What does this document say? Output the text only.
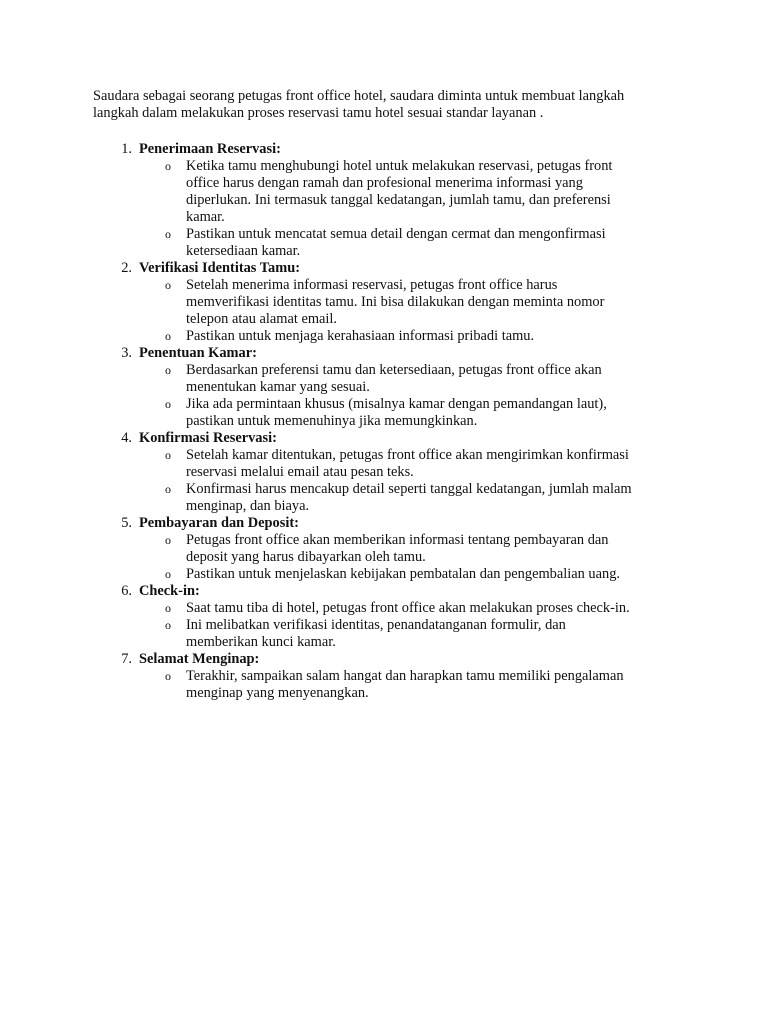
Saudara sebagai seorang petugas front office hotel, saudara diminta untuk membuat langkah
langkah dalam melakukan proses reservasi tamu hotel sesuai standar layanan .

1. Penerimaan Reservasi:
o Ketika tamu menghubungi hotel untuk melakukan reservasi, petugas front
office harus dengan ramah dan profesional menerima informasi yang
diperlukan. Ini termasuk tanggal kedatangan, jumlah tamu, dan preferensi
kamar.
o Pastikan untuk mencatat semua detail dengan cermat dan mengonfirmasi
ketersediaan kamar.
2. Verifikasi Identitas Tamu:
o Setelah menerima informasi reservasi, petugas front office harus
memverifikasi identitas tamu. Ini bisa dilakukan dengan meminta nomor
telepon atau alamat email.
o Pastikan untuk menjaga kerahasiaan informasi pribadi tamu.
3. Penentuan Kamar:
o Berdasarkan preferensi tamu dan ketersediaan, petugas front office akan
menentukan kamar yang sesuai.
o Jika ada permintaan khusus (misalnya kamar dengan pemandangan laut),
pastikan untuk memenuhinya jika memungkinkan.
4. Konfirmasi Reservasi:
o Setelah kamar ditentukan, petugas front office akan mengirimkan konfirmasi
reservasi melalui email atau pesan teks.
o Konfirmasi harus mencakup detail seperti tanggal kedatangan, jumlah malam
menginap, dan biaya.
5. Pembayaran dan Deposit:
o Petugas front office akan memberikan informasi tentang pembayaran dan
deposit yang harus dibayarkan oleh tamu.
o Pastikan untuk menjelaskan kebijakan pembatalan dan pengembalian uang.
6. Check-in:
o Saat tamu tiba di hotel, petugas front office akan melakukan proses check-in.
o Ini melibatkan verifikasi identitas, penandatanganan formulir, dan
memberikan kunci kamar.
7. Selamat Menginap:
o Terakhir, sampaikan salam hangat dan harapkan tamu memiliki pengalaman
menginap yang menyenangkan.
